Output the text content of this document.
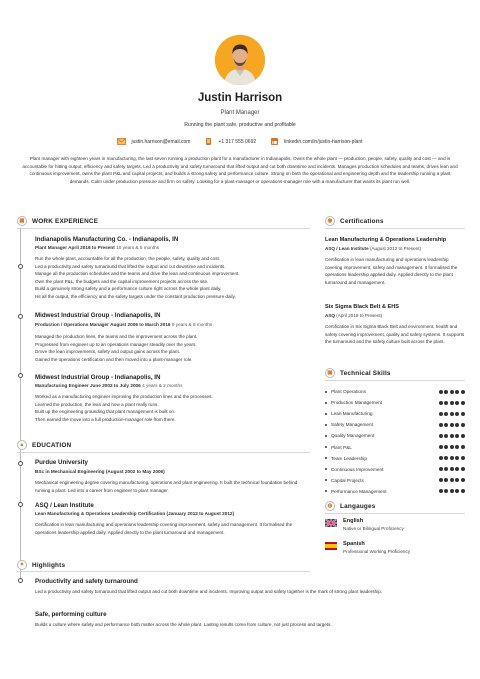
Justin Harrison
Plant Manager
Running the plant safe, productive and profitable
justin.harrison@email.com	+1 317 555 0692	linkedin.com/in/justin-harrison-plant
Plant manager with eighteen years in manufacturing, the last seven running a production plant for a manufacturer in Indianapolis. Owns the whole plant — production, people, safety, quality and cost — and is accountable for hitting output, efficiency and safety targets. Led a productivity and safety turnaround that lifted output and cut both downtime and incidents. Manages production schedules and teams, drives lean and continuous improvement, owns the plant P&L and capital projects, and builds a strong safety and performance culture. Strong on both the operational and engineering depth and the leadership running a plant demands. Calm under production pressure and firm on safety. Looking for a plant-manager or operations-manager role with a manufacturer that wants its plant run well.
▦	WORK EXPERIENCE
Indianapolis Manufacturing Co. - Indianapolis, IN
Plant Manager April 2016 to Present 10 years & 5 months
Run the whole plant, accountable for all the production, the people, safety, quality and cost.
Led a productivity and safety turnaround that lifted the output and cut downtime and incidents.
Manage all the production schedules and the teams and drive the lean and continuous improvement.
Own the plant P&L, the budgets and the capital improvement projects across the site.
Build a genuinely strong safety and a performance culture right across the whole plant daily.
Hit all the output, the efficiency and the safety targets under the constant production pressure daily.
Midwest Industrial Group - Indianapolis, IN
Production / Operations Manager August 2006 to March 2016 9 years & 8 months
Managed the production lines, the teams and the improvement across the plant.
Progressed from engineer up to an operations manager steadily over the years.
Drove the lean improvements, safety and output gains across the plant.
Gained the operations certification and then moved into a plant-manager role.
Midwest Industrial Group - Indianapolis, IN
Manufacturing Engineer June 2002 to July 2006 4 years & 2 months
Worked as a manufacturing engineer improving the production lines and the processes.
Learned the production, the lean and how a plant really runs.
Built up the engineering grounding that plant management is built on.
Then earned the move into a full production-manager role from there.
▲	EDUCATION
Purdue University
BSc in Mechanical Engineering (August 2002 to May 2006)
Mechanical engineering degree covering manufacturing, operations and plant engineering. It built the technical foundation behind running a plant. Led into a career from engineer to plant manager.
ASQ / Lean Institute
Lean Manufacturing & Operations Leadership Certification (January 2012 to August 2012)
Certification in lean manufacturing and operations leadership covering improvement, safety and management. It formalised the operations leadership applied daily. Applied directly to the plant turnaround and management.
✦	Highlights
Productivity and safety turnaround
Led a productivity and safety turnaround that lifted output and cut both downtime and incidents. Improving output and safety together is the mark of strong plant leadership.
Safe, performing culture
Builds a culture where safety and performance both matter across the whole plant. Lasting results come from culture, not just process and targets.
◉	Certifications
Lean Manufacturing & Operations Leadership
ASQ / Lean Institute (August 2012 to Present)
Certification in lean manufacturing and operations leadership covering improvement, safety and management. It formalised the operations leadership applied daily. Applied directly to the plant turnaround and management.
Six Sigma Black Belt & EHS
ASQ (April 2019 to Present)
Certification in Six Sigma Black Belt and environment, health and safety covering improvement, quality and safety systems. It supports the turnaround and the safety culture built across the plant.
▣	Technical Skills
Plant Operations
Production Management
Lean Manufacturing
Safety Management
Quality Management
Plant P&L
Team Leadership
Continuous Improvement
Capital Projects
Performance Management
◍	Langauges
English
Native or Bilingual Proficiency
Spanish
Professional Working Proficiency
